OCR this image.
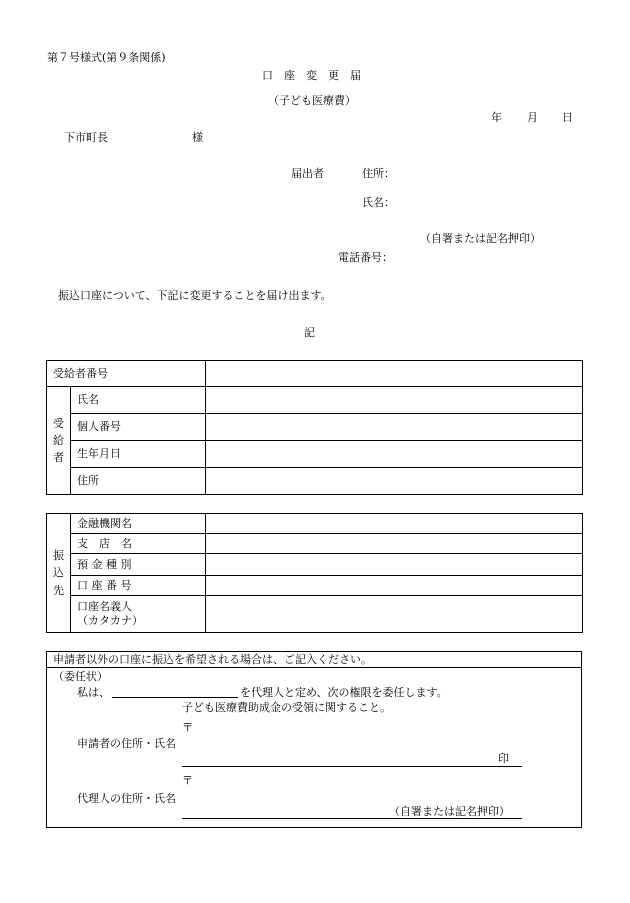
第７号様式(第９条関係)
口　座　変　更　届
（子ども医療費）
年 月 日
下市町長	様
届出者	住所：
氏名：
（自署または記名押印）
電話番号：
振込口座について、下記に変更することを届け出ます。
記
受給者番号		
受給者	氏名	
	個人番号	
	生年月日	
	住所	
振込先	金融機関名	
	支　店　名	
	預 金 種 別	
	口 座 番 号	

	口座名義人
（カタカナ）	

申請者以外の口座に振込を希望される場合は、ご記入ください。
（委任状）
私は、	を代理人と定め、次の権限を委任します。
子ども医療費助成金の受領に関すること。
〒
申請者の住所・氏名
印
〒
代理人の住所・氏名
（自署または記名押印）
